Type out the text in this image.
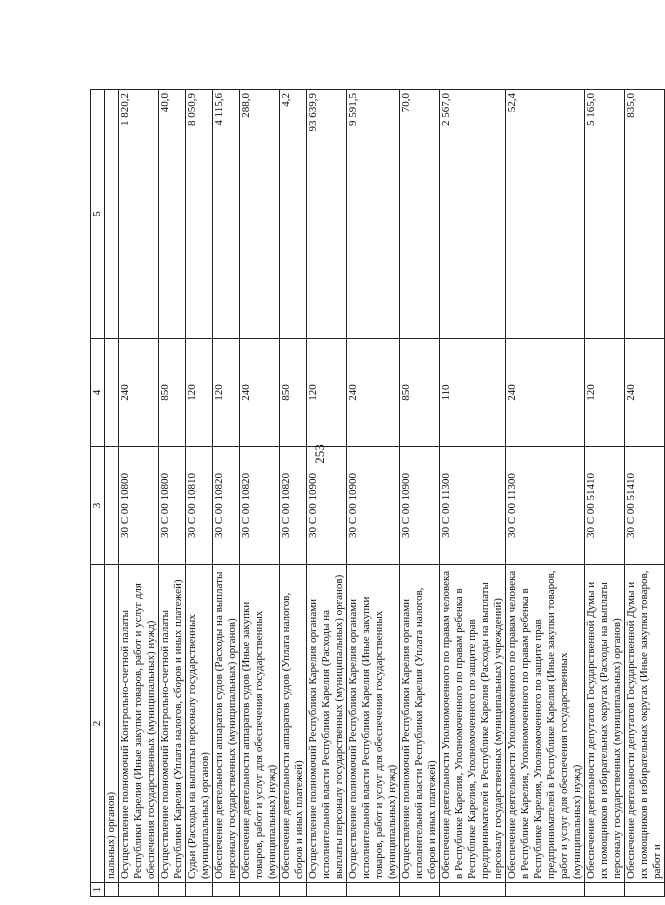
253
1	2	3	4	5
	пальных) органов)			
	Осуществление полномочий Контрольно-счетной палаты Республики Карелия (Иные закупки товаров, работ и услуг для обеспечения государственных (муниципальных) нужд)	30 С 00 10800	240	1 820,2
	Осуществление полномочий Контрольно-счетной палаты Республики Карелия (Уплата налогов, сборов и иных платежей)	30 С 00 10800	850	40,0
	Судьи (Расходы на выплаты персоналу государственных (муниципальных) органов)	30 С 00 10810	120	8 050,9
	Обеспечение деятельности аппаратов судов (Расходы на выплаты персоналу государственных (муниципальных) органов)	30 С 00 10820	120	4 115,6
	Обеспечение деятельности аппаратов судов (Иные закупки товаров, работ и услуг для обеспечения государственных (муниципальных) нужд)	30 С 00 10820	240	288,0
	Обеспечение деятельности аппаратов судов (Уплата налогов, сборов и иных платежей)	30 С 00 10820	850	4,2
	Осуществление полномочий Республики Карелия органами исполнительной власти Республики Карелия (Расходы на выплаты персоналу государственных (муниципальных) органов)	30 С 00 10900	120	93 639,9
	Осуществление полномочий Республики Карелия органами исполнительной власти Республики Карелия (Иные закупки товаров, работ и услуг для обеспечения государственных (муниципальных) нужд)	30 С 00 10900	240	9 591,5
	Осуществление полномочий Республики Карелия органами исполнительной власти Республики Карелия (Уплата налогов, сборов и иных платежей)	30 С 00 10900	850	70,0
	Обеспечение деятельности Уполномоченного по правам человека в Республике Карелия, Уполномоченного по правам ребенка в Республике Карелия, Уполномоченного по защите прав предпринимателей в Республике Карелия (Расходы на выплаты персоналу государственных (муниципальных) учреждений)	30 С 00 11300	110	2 567,0
	Обеспечение деятельности Уполномоченного по правам человека в Республике Карелия, Уполномоченного по правам ребенка в Республике Карелия, Уполномоченного по защите прав предпринимателей в Республике Карелия (Иные закупки товаров, работ и услуг для обеспечения государственных (муниципальных) нужд)	30 С 00 11300	240	52,4
	Обеспечение деятельности депутатов Государственной Думы и их помощников в избирательных округах (Расходы на выплаты персоналу государственных (муниципальных) органов)	30 С 00 51410	120	5 165,0
	Обеспечение деятельности депутатов Государственной Думы и их помощников в избирательных округах (Иные закупки товаров, работ и	30 С 00 51410	240	835,0
